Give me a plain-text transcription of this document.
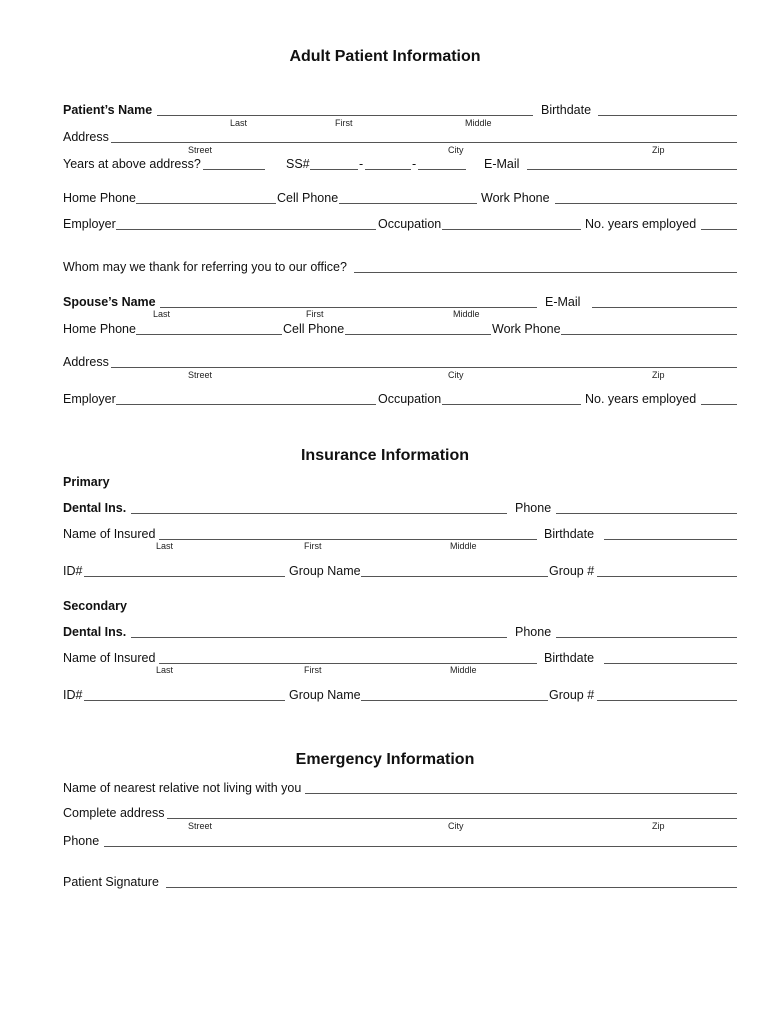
Adult Patient Information
Patient’s Name	Birthdate
Last	First	Middle
Address
Street	City	Zip
Years at above address?	SS#	-	-	E-Mail
Home Phone	Cell Phone	Work Phone
Employer	Occupation	No. years employed
Whom may we thank for referring you to our office?
Spouse’s Name	E-Mail
Last	First	Middle
Home Phone	Cell Phone	Work Phone
Address
Street	City	Zip
Employer	Occupation	No. years employed
Insurance Information
Primary
Dental Ins.	Phone
Name of Insured	Birthdate
Last	First	Middle
ID#	Group Name	Group #
Secondary
Dental Ins.	Phone
Name of Insured	Birthdate
Last	First	Middle
ID#	Group Name	Group #
Emergency Information
Name of nearest relative not living with you
Complete address
Street	City	Zip
Phone
Patient Signature
